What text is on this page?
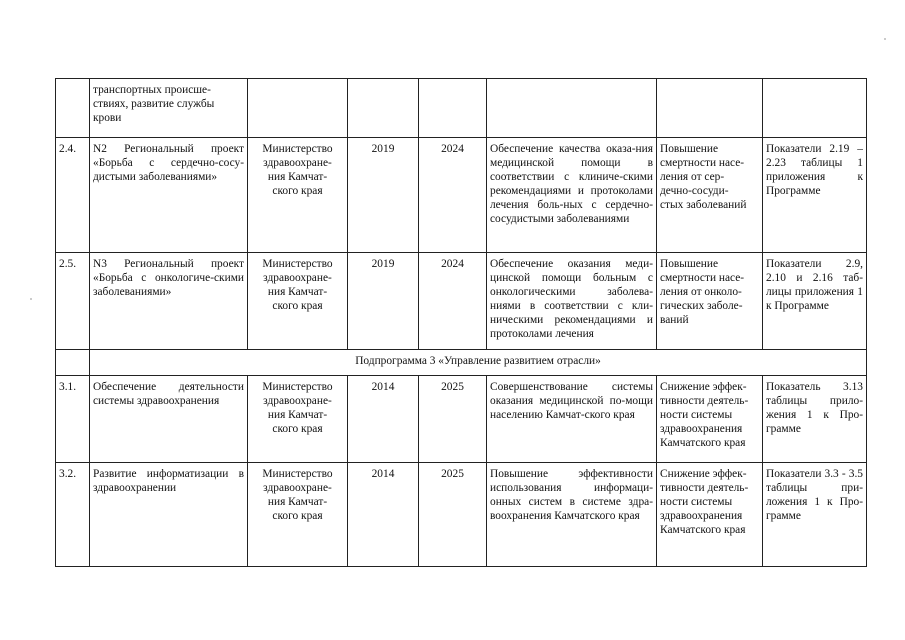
	транспортных происше-
ствиях, развитие службы
крови						
2.4.	N2 Региональный проект «Борьба с сердечно-сосу-дистыми заболеваниями»	Министерство
здравоохране-
ния Камчат-
ского края	2019	2024	Обеспечение качества оказа-ния медицинской помощи в соответствии с клиниче-скими рекомендациями и протоколами лечения боль-ных с сердечно-сосудистыми заболеваниями	Повышение
смертности насе-
ления от сер-
дечно-сосуди-
стых заболеваний	Показатели 2.19 – 2.23 таблицы 1 приложения к Программе
2.5.	N3 Региональный проект «Борьба с онкологиче-скими заболеваниями»	Министерство
здравоохране-
ния Камчат-
ского края	2019	2024	Обеспечение оказания меди-цинской помощи больным с онкологическими заболева-ниями в соответствии с кли-ническими рекомендациями и протоколами лечения	Повышение
смертности насе-
ления от онколо-
гических заболе-
ваний	Показатели 2.9, 2.10 и 2.16 таб-лицы приложения 1 к Программе
	Подпрограмма 3 «Управление развитием отрасли»						
3.1.	Обеспечение деятельности системы здравоохранения	Министерство
здравоохране-
ния Камчат-
ского края	2014	2025	Совершенствование системы оказания медицинской по-мощи населению Камчат-ского края	Снижение эффек-
тивности деятель-
ности системы
здравоохранения
Камчатского края	Показатель 3.13 таблицы прило-жения 1 к Про-грамме
3.2.	Развитие информатизации в здравоохранении	Министерство
здравоохране-
ния Камчат-
ского края	2014	2025	Повышение эффективности использования информаци-онных систем в системе здра-воохранения Камчатского края	Снижение эффек-
тивности деятель-
ности системы
здравоохранения
Камчатского края	Показатели 3.3 - 3.5 таблицы при-ложения 1 к Про-грамме
